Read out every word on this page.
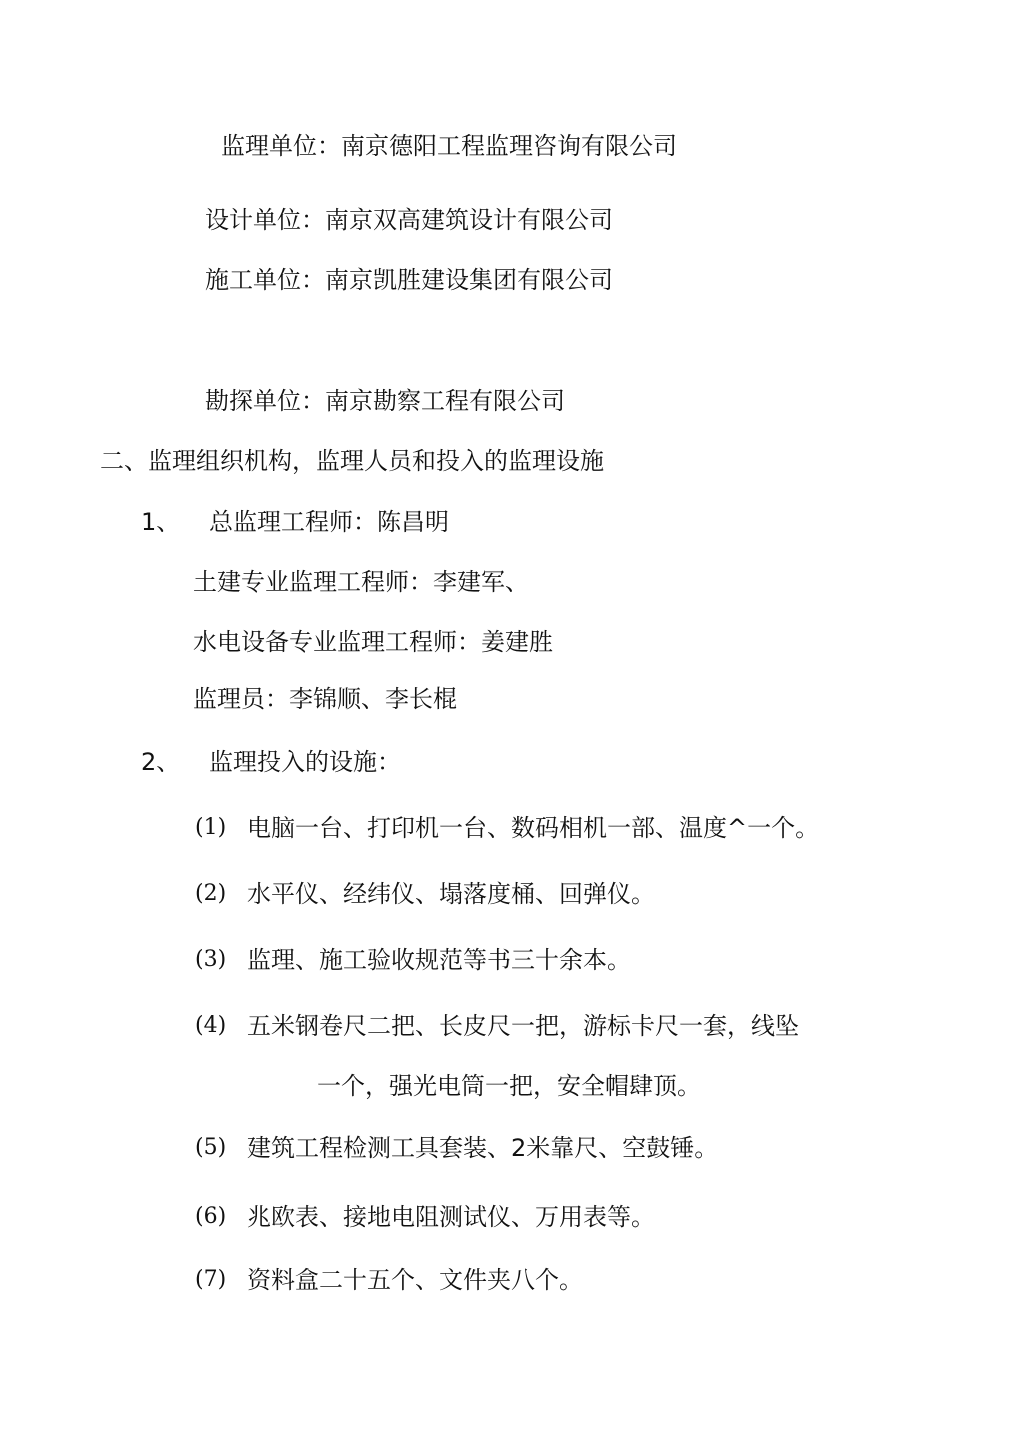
监理单位：南京德阳工程监理咨询有限公司
设计单位：南京双高建筑设计有限公司
施工单位：南京凯胜建设集团有限公司
勘探单位：南京勘察工程有限公司
二、监理组织机构，监理人员和投入的监理设施
1、 总监理工程师：陈昌明
土建专业监理工程师：李建军、
水电设备专业监理工程师：姜建胜
监理员：李锦顺、李长棍
2、 监理投入的设施：
(1) 电脑一台、打印机一台、数码相机一部、温度^一个。
(2) 水平仪、经纬仪、塌落度桶、回弹仪。
(3) 监理、施工验收规范等书三十余本。
(4) 五米钢卷尺二把、长皮尺一把，游标卡尺一套，线坠
一个，强光电筒一把，安全帽肆顶。
(5) 建筑工程检测工具套装、2米靠尺、空鼓锤。
(6) 兆欧表、接地电阻测试仪、万用表等。
(7) 资料盒二十五个、文件夹八个。
